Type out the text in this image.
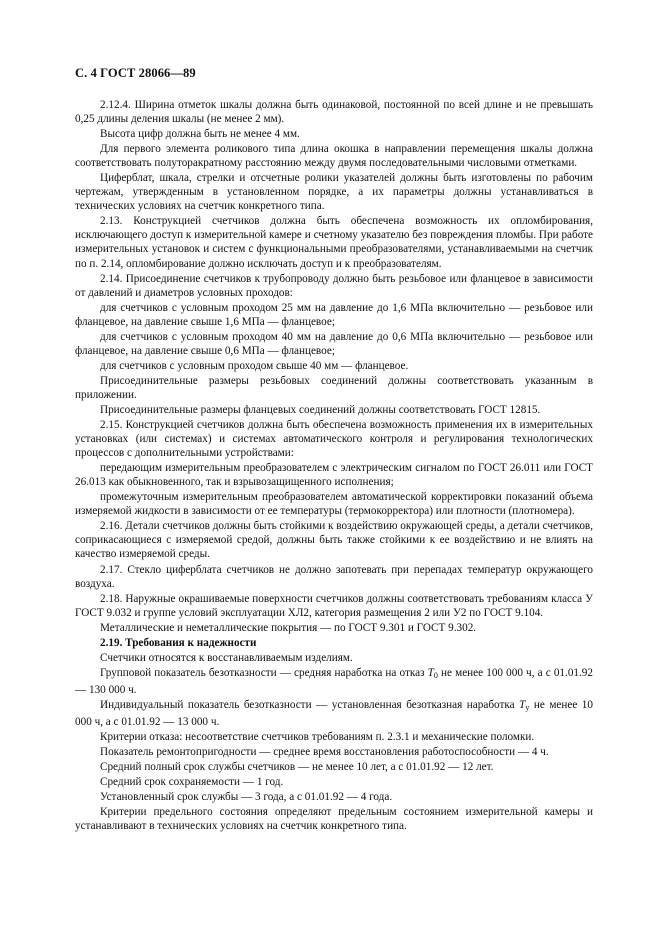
С. 4 ГОСТ 28066—89

2.12.4. Ширина отметок шкалы должна быть одинаковой, постоянной по всей длине и не превышать 0,25 длины деления шкалы (не менее 2 мм).

Высота цифр должна быть не менее 4 мм.

Для первого элемента роликового типа длина окошка в направлении перемещения шкалы должна соответствовать полуторакратному расстоянию между двумя последовательными числовыми отметками.

Циферблат, шкала, стрелки и отсчетные ролики указателей должны быть изготовлены по рабочим чертежам, утвержденным в установленном порядке, а их параметры должны устанавливаться в технических условиях на счетчик конкретного типа.

2.13. Конструкцией счетчиков должна быть обеспечена возможность их опломбирования, исключающего доступ к измерительной камере и счетному указателю без повреждения пломбы. При работе измерительных установок и систем с функциональными преобразователями, устанавливаемыми на счетчик по п. 2.14, опломбирование должно исключать доступ и к преобразователям.

2.14. Присоединение счетчиков к трубопроводу должно быть резьбовое или фланцевое в зависимости от давлений и диаметров условных проходов:

для счетчиков с условным проходом 25 мм на давление до 1,6 МПа включительно — резьбовое или фланцевое, на давление свыше 1,6 МПа — фланцевое;

для счетчиков с условным проходом 40 мм на давление до 0,6 МПа включительно — резьбовое или фланцевое, на давление свыше 0,6 МПа — фланцевое;

для счетчиков с условным проходом свыше 40 мм — фланцевое.

Присоединительные размеры резьбовых соединений должны соответствовать указанным в приложении.

Присоединительные размеры фланцевых соединений должны соответствовать ГОСТ 12815.

2.15. Конструкцией счетчиков должна быть обеспечена возможность применения их в измерительных установках (или системах) и системах автоматического контроля и регулирования технологических процессов с дополнительными устройствами:

передающим измерительным преобразователем с электрическим сигналом по ГОСТ 26.011 или ГОСТ 26.013 как обыкновенного, так и взрывозащищенного исполнения;

промежуточным измерительным преобразователем автоматической корректировки показаний объема измеряемой жидкости в зависимости от ее температуры (термокорректора) или плотности (плотномера).

2.16. Детали счетчиков должны быть стойкими к воздействию окружающей среды, а детали счетчиков, соприкасающиеся с измеряемой средой, должны быть также стойкими к ее воздействию и не влиять на качество измеряемой среды.

2.17. Стекло циферблата счетчиков не должно запотевать при перепадах температур окружающего воздуха.

2.18. Наружные окрашиваемые поверхности счетчиков должны соответствовать требованиям класса У ГОСТ 9.032 и группе условий эксплуатации ХЛ2, категория размещения 2 или У2 по ГОСТ 9.104.

Металлические и неметаллические покрытия — по ГОСТ 9.301 и ГОСТ 9.302.

2.19. Требования к надежности

Счетчики относятся к восстанавливаемым изделиям.

Групповой показатель безотказности — средняя наработка на отказ $T_0$ не менее 100 000 ч, а с 01.01.92 — 130 000 ч.

Индивидуальный показатель безотказности — установленная безотказная наработка $T_у$ не менее 10 000 ч, а с 01.01.92 — 13 000 ч.

Критерии отказа: несоответствие счетчиков требованиям п. 2.3.1 и механические поломки.

Показатель ремонтопригодности — среднее время восстановления работоспособности — 4 ч.

Средний полный срок службы счетчиков — не менее 10 лет, а с 01.01.92 — 12 лет.

Средний срок сохраняемости — 1 год.

Установленный срок службы — 3 года, а с 01.01.92 — 4 года.

Критерии предельного состояния определяют предельным состоянием измерительной камеры и устанавливают в технических условиях на счетчик конкретного типа.
